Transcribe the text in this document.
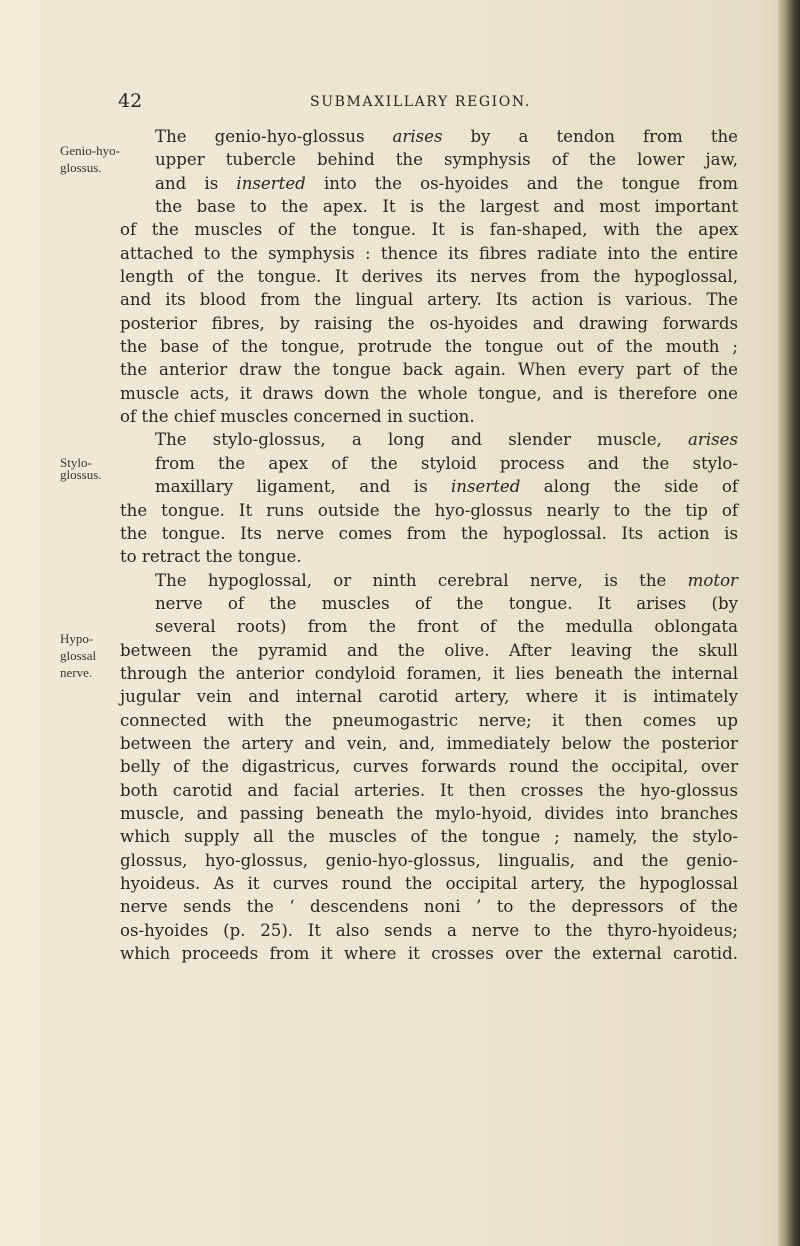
42	SUBMAXILLARY REGION.
Genio-hyo-
glossus.
Stylo-
glossus.
Hypo-
glossal
nerve.
The genio-hyo-glossus arises by a tendon from the
upper tubercle behind the symphysis of the lower jaw,
and is inserted into the os-hyoides and the tongue from
the base to the apex. It is the largest and most important
of the muscles of the tongue. It is fan-shaped, with the apex
attached to the symphysis : thence its fibres radiate into the entire
length of the tongue. It derives its nerves from the hypoglossal,
and its blood from the lingual artery. Its action is various. The
posterior fibres, by raising the os-hyoides and drawing forwards
the base of the tongue, protrude the tongue out of the mouth ;
the anterior draw the tongue back again. When every part of the
muscle acts, it draws down the whole tongue, and is therefore one
of the chief muscles concerned in suction.
The stylo-glossus, a long and slender muscle, arises
from the apex of the styloid process and the stylo-
maxillary ligament, and is inserted along the side of
the tongue. It runs outside the hyo-glossus nearly to the tip of
the tongue. Its nerve comes from the hypoglossal. Its action is
to retract the tongue.
The hypoglossal, or ninth cerebral nerve, is the motor
nerve of the muscles of the tongue. It arises (by
several roots) from the front of the medulla oblongata
between the pyramid and the olive. After leaving the skull
through the anterior condyloid foramen, it lies beneath the internal
jugular vein and internal carotid artery, where it is intimately
connected with the pneumogastric nerve; it then comes up
between the artery and vein, and, immediately below the posterior
belly of the digastricus, curves forwards round the occipital, over
both carotid and facial arteries. It then crosses the hyo-glossus
muscle, and passing beneath the mylo-hyoid, divides into branches
which supply all the muscles of the tongue ; namely, the stylo-
glossus, hyo-glossus, genio-hyo-glossus, lingualis, and the genio-
hyoideus. As it curves round the occipital artery, the hypoglossal
nerve sends the ‘ descendens noni ’ to the depressors of the
os-hyoides (p. 25). It also sends a nerve to the thyro-hyoideus;
which proceeds from it where it crosses over the external carotid.
